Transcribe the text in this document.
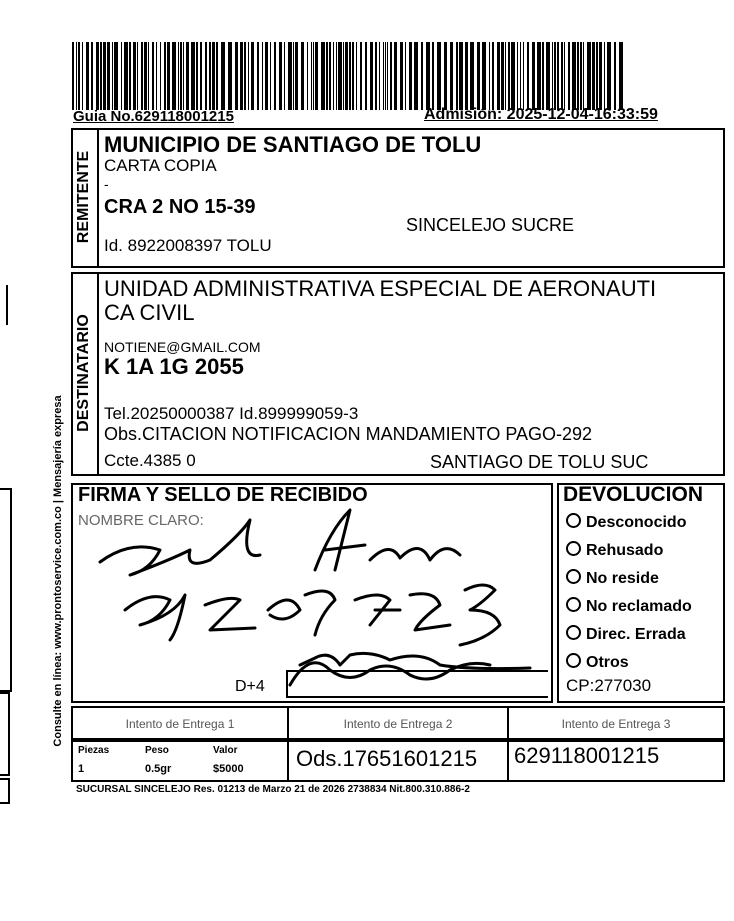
Guia No.629118001215	Admisión: 2025-12-04-16:33:59
Consulte en línea: www.prontoservice.com.co | Mensajería expresa
REMITENTE
MUNICIPIO DE SANTIAGO DE TOLU
CARTA COPIA
-
CRA 2 NO 15-39
SINCELEJO SUCRE
Id. 8922008397 TOLU
DESTINATARIO
UNIDAD ADMINISTRATIVA ESPECIAL DE AERONAUTI
CA CIVIL
NOTIENE@GMAIL.COM
K 1A 1G 2055
Tel.20250000387 Id.899999059-3
Obs.CITACION NOTIFICACION MANDAMIENTO PAGO-292
Ccte.4385 0	SANTIAGO DE TOLU SUC
FIRMA Y SELLO DE RECIBIDO
NOMBRE CLARO:
D+4
DEVOLUCION
Desconocido
Rehusado
No reside
No reclamado
Direc. Errada
Otros
CP:277030
Intento de Entrega 1	Intento de Entrega 2	Intento de Entrega 3
Piezas	Peso	Valor
1	0.5gr	$5000 Ods.17651601215 629118001215
SUCURSAL SINCELEJO Res. 01213 de Marzo 21 de 2026 2738834 Nit.800.310.886-2
